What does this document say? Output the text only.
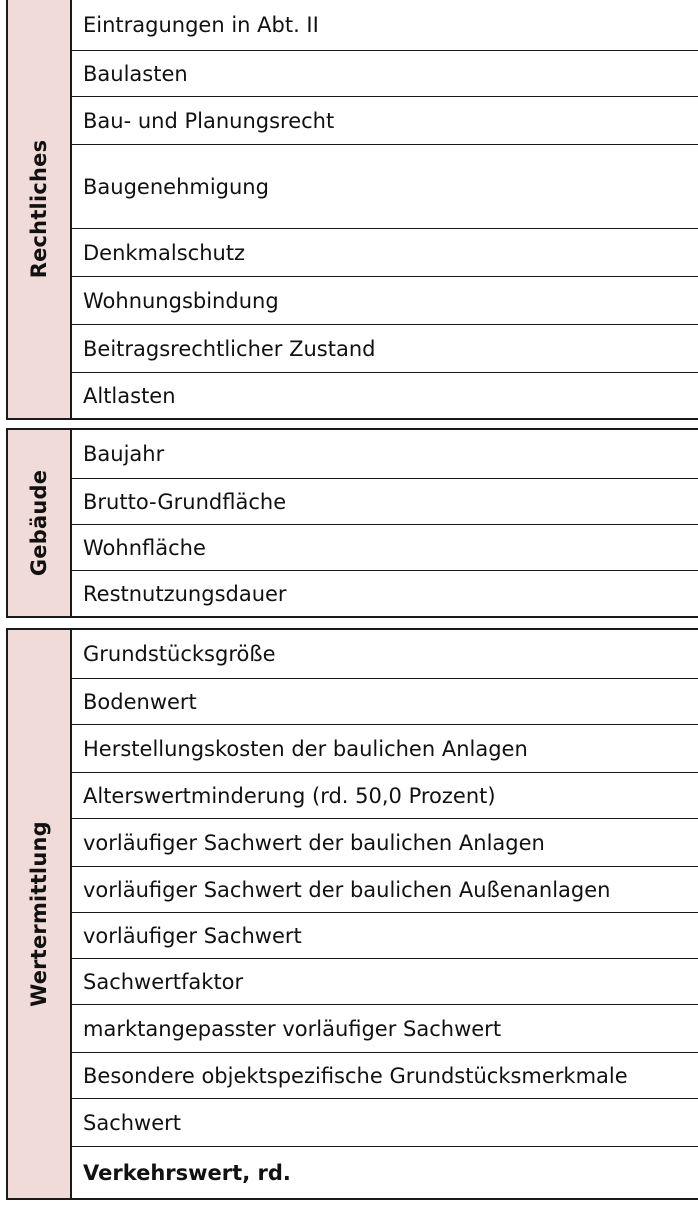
Rechtliches
Eintragungen in Abt. II
Baulasten
Bau- und Planungsrecht
Baugenehmigung
Denkmalschutz
Wohnungsbindung
Beitragsrechtlicher Zustand
Altlasten
Gebäude
Baujahr
Brutto-Grundfläche
Wohnfläche
Restnutzungsdauer
Wertermittlung
Grundstücksgröße
Bodenwert
Herstellungskosten der baulichen Anlagen
Alterswertminderung (rd. 50,0 Prozent)
vorläufiger Sachwert der baulichen Anlagen
vorläufiger Sachwert der baulichen Außenanlagen
vorläufiger Sachwert
Sachwertfaktor
marktangepasster vorläufiger Sachwert
Besondere objektspezifische Grundstücksmerkmale
Sachwert
Verkehrswert, rd.
